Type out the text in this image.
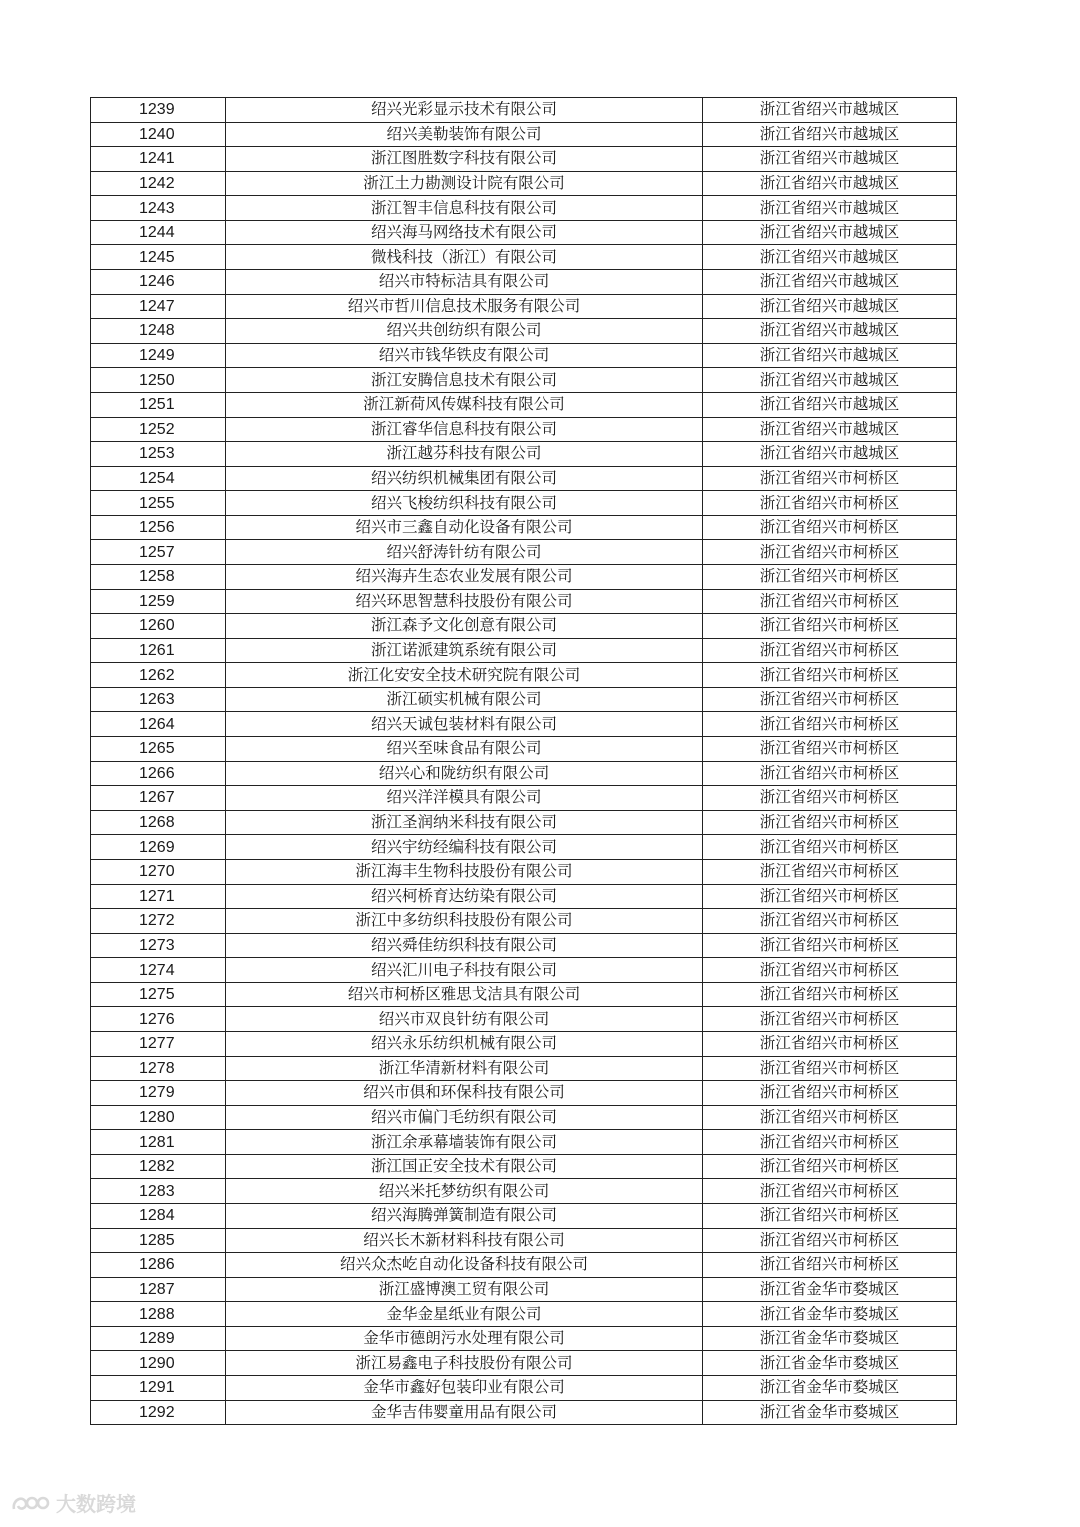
1239	绍兴光彩显示技术有限公司	浙江省绍兴市越城区
1240	绍兴美勒装饰有限公司	浙江省绍兴市越城区
1241	浙江图胜数字科技有限公司	浙江省绍兴市越城区
1242	浙江土力勘测设计院有限公司	浙江省绍兴市越城区
1243	浙江智丰信息科技有限公司	浙江省绍兴市越城区
1244	绍兴海马网络技术有限公司	浙江省绍兴市越城区
1245	微栈科技（浙江）有限公司	浙江省绍兴市越城区
1246	绍兴市特标洁具有限公司	浙江省绍兴市越城区
1247	绍兴市哲川信息技术服务有限公司	浙江省绍兴市越城区
1248	绍兴共创纺织有限公司	浙江省绍兴市越城区
1249	绍兴市钱华铁皮有限公司	浙江省绍兴市越城区
1250	浙江安腾信息技术有限公司	浙江省绍兴市越城区
1251	浙江新荷风传媒科技有限公司	浙江省绍兴市越城区
1252	浙江睿华信息科技有限公司	浙江省绍兴市越城区
1253	浙江越芬科技有限公司	浙江省绍兴市越城区
1254	绍兴纺织机械集团有限公司	浙江省绍兴市柯桥区
1255	绍兴飞梭纺织科技有限公司	浙江省绍兴市柯桥区
1256	绍兴市三鑫自动化设备有限公司	浙江省绍兴市柯桥区
1257	绍兴舒涛针纺有限公司	浙江省绍兴市柯桥区
1258	绍兴海卉生态农业发展有限公司	浙江省绍兴市柯桥区
1259	绍兴环思智慧科技股份有限公司	浙江省绍兴市柯桥区
1260	浙江森予文化创意有限公司	浙江省绍兴市柯桥区
1261	浙江诺派建筑系统有限公司	浙江省绍兴市柯桥区
1262	浙江化安安全技术研究院有限公司	浙江省绍兴市柯桥区
1263	浙江硕实机械有限公司	浙江省绍兴市柯桥区
1264	绍兴天诚包装材料有限公司	浙江省绍兴市柯桥区
1265	绍兴至味食品有限公司	浙江省绍兴市柯桥区
1266	绍兴心和陇纺织有限公司	浙江省绍兴市柯桥区
1267	绍兴洋洋模具有限公司	浙江省绍兴市柯桥区
1268	浙江圣润纳米科技有限公司	浙江省绍兴市柯桥区
1269	绍兴宇纺经编科技有限公司	浙江省绍兴市柯桥区
1270	浙江海丰生物科技股份有限公司	浙江省绍兴市柯桥区
1271	绍兴柯桥育达纺染有限公司	浙江省绍兴市柯桥区
1272	浙江中多纺织科技股份有限公司	浙江省绍兴市柯桥区
1273	绍兴舜佳纺织科技有限公司	浙江省绍兴市柯桥区
1274	绍兴汇川电子科技有限公司	浙江省绍兴市柯桥区
1275	绍兴市柯桥区雅思戈洁具有限公司	浙江省绍兴市柯桥区
1276	绍兴市双良针纺有限公司	浙江省绍兴市柯桥区
1277	绍兴永乐纺织机械有限公司	浙江省绍兴市柯桥区
1278	浙江华清新材料有限公司	浙江省绍兴市柯桥区
1279	绍兴市俱和环保科技有限公司	浙江省绍兴市柯桥区
1280	绍兴市偏门毛纺织有限公司	浙江省绍兴市柯桥区
1281	浙江余承幕墙装饰有限公司	浙江省绍兴市柯桥区
1282	浙江国正安全技术有限公司	浙江省绍兴市柯桥区
1283	绍兴米托梦纺织有限公司	浙江省绍兴市柯桥区
1284	绍兴海腾弹簧制造有限公司	浙江省绍兴市柯桥区
1285	绍兴长木新材料科技有限公司	浙江省绍兴市柯桥区
1286	绍兴众杰屹自动化设备科技有限公司	浙江省绍兴市柯桥区
1287	浙江盛博澳工贸有限公司	浙江省金华市婺城区
1288	金华金星纸业有限公司	浙江省金华市婺城区
1289	金华市德朗污水处理有限公司	浙江省金华市婺城区
1290	浙江易鑫电子科技股份有限公司	浙江省金华市婺城区
1291	金华市鑫好包装印业有限公司	浙江省金华市婺城区
1292	金华吉伟婴童用品有限公司	浙江省金华市婺城区
大数跨境
